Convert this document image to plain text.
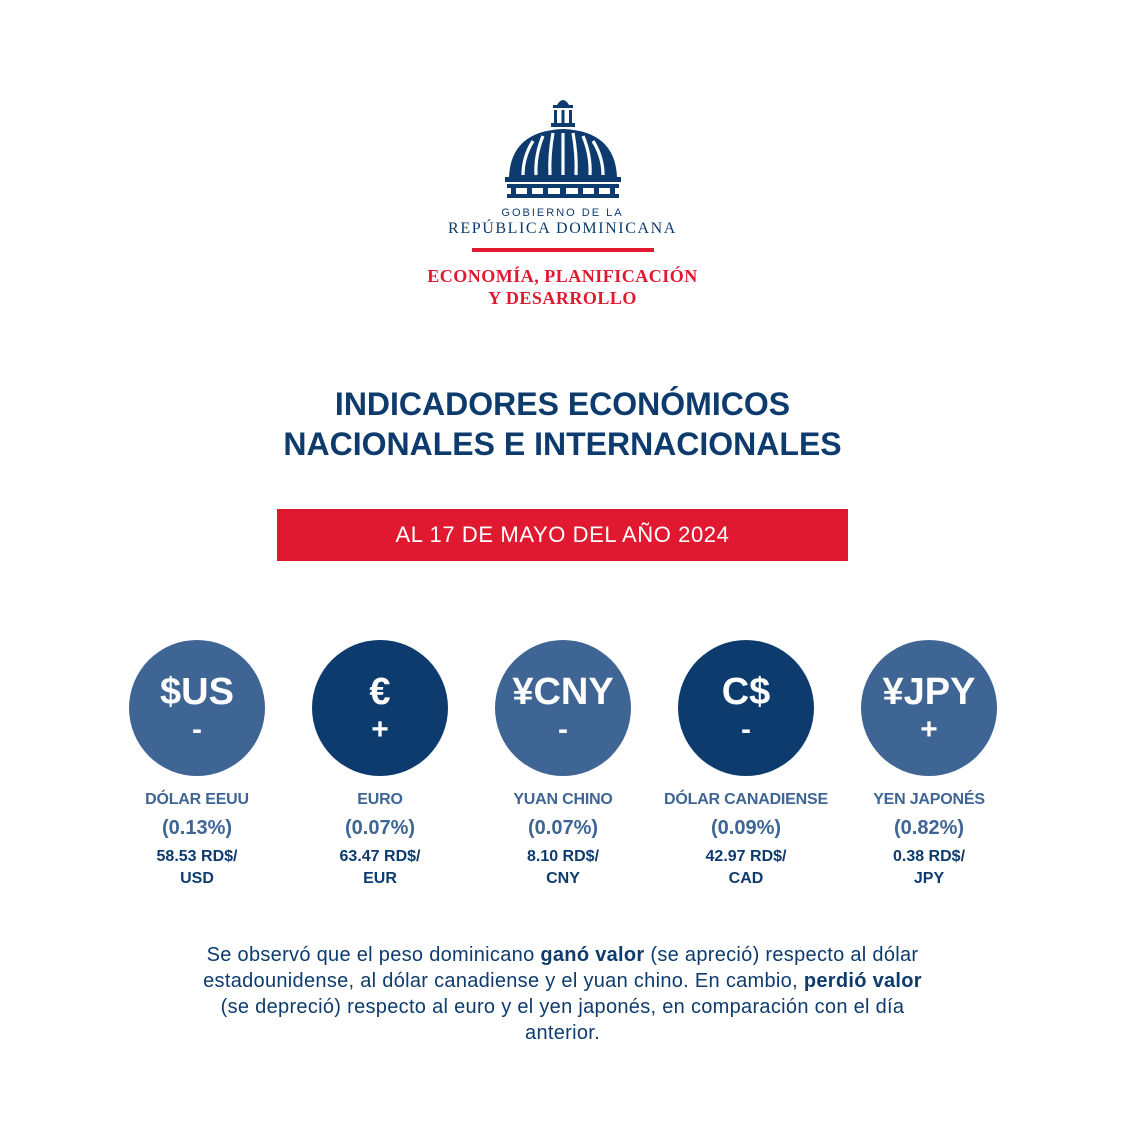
GOBIERNO DE LA
REPÚBLICA DOMINICANA
ECONOMÍA, PLANIFICACIÓN
Y DESARROLLO
INDICADORES ECONÓMICOS
NACIONALES E INTERNACIONALES
AL 17 DE MAYO DEL AÑO 2024
$US
-
DÓLAR EEUU
(0.13%)
58.53 RD$/
USD
€
+
EURO
(0.07%)
63.47 RD$/
EUR
¥CNY
-
YUAN CHINO
(0.07%)
8.10 RD$/
CNY
C$
-
DÓLAR CANADIENSE
(0.09%)
42.97 RD$/
CAD
¥JPY
+
YEN JAPONÉS
(0.82%)
0.38 RD$/
JPY
Se observó que el peso dominicano ganó valor (se apreció) respecto al dólar estadounidense, al dólar canadiense y el yuan chino. En cambio, perdió valor (se depreció) respecto al euro y el yen japonés, en comparación con el día anterior.
